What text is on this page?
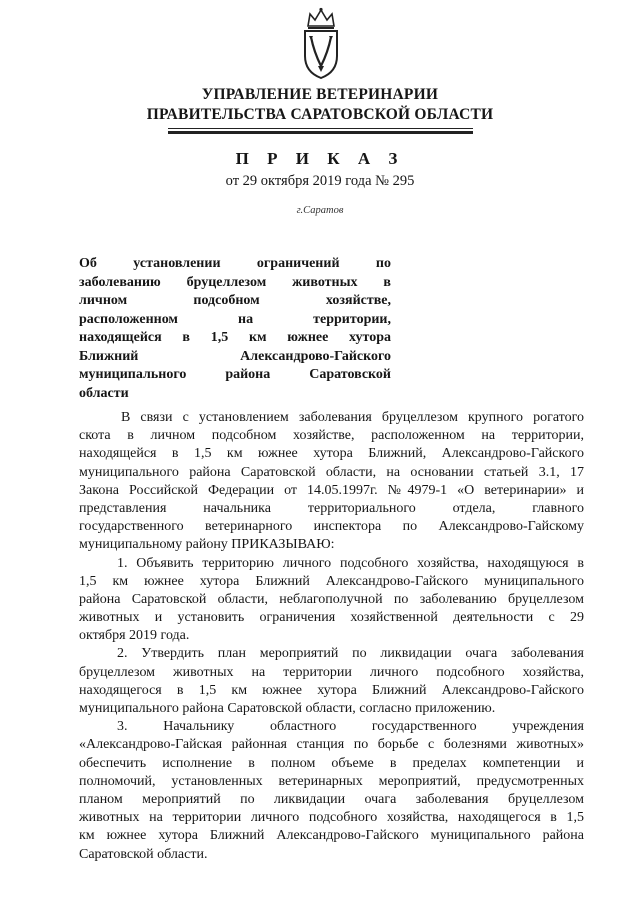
УПРАВЛЕНИЕ ВЕТЕРИНАРИИ
ПРАВИТЕЛЬСТВА САРАТОВСКОЙ ОБЛАСТИ
П Р И К А З
от 29 октября 2019 года № 295
г.Саратов
Об установлении ограничений по
заболеванию бруцеллезом животных в
личном подсобном хозяйстве,
расположенном на территории,
находящейся в 1,5 км южнее хутора
Ближний Александрово-Гайского
муниципального района Саратовской
области
В связи с установлением заболевания бруцеллезом крупного рогатого
скота в личном подсобном хозяйстве, расположенном на территории,
находящейся в 1,5 км южнее хутора Ближний, Александрово-Гайского
муниципального района Саратовской области, на основании статьей 3.1, 17
Закона Российской Федерации от 14.05.1997г. №4979-1 «О ветеринарии» и
представления начальника территориального отдела, главного
государственного ветеринарного инспектора по Александрово-Гайскому
муниципальному району ПРИКАЗЫВАЮ:
1. Объявить территорию личного подсобного хозяйства, находящуюся в
1,5 км южнее хутора Ближний Александрово-Гайского муниципального
района Саратовской области, неблагополучной по заболеванию бруцеллезом
животных и установить ограничения хозяйственной деятельности с 29
октября 2019 года.
2. Утвердить план мероприятий по ликвидации очага заболевания
бруцеллезом животных на территории личного подсобного хозяйства,
находящегося в 1,5 км южнее хутора Ближний Александрово-Гайского
муниципального района Саратовской области, согласно приложению.
3. Начальнику областного государственного учреждения
«Александрово-Гайская районная станция по борьбе с болезнями животных»
обеспечить исполнение в полном объеме в пределах компетенции и
полномочий, установленных ветеринарных мероприятий, предусмотренных
планом мероприятий по ликвидации очага заболевания бруцеллезом
животных на территории личного подсобного хозяйства, находящегося в 1,5
км южнее хутора Ближний Александрово-Гайского муниципального района
Саратовской области.
